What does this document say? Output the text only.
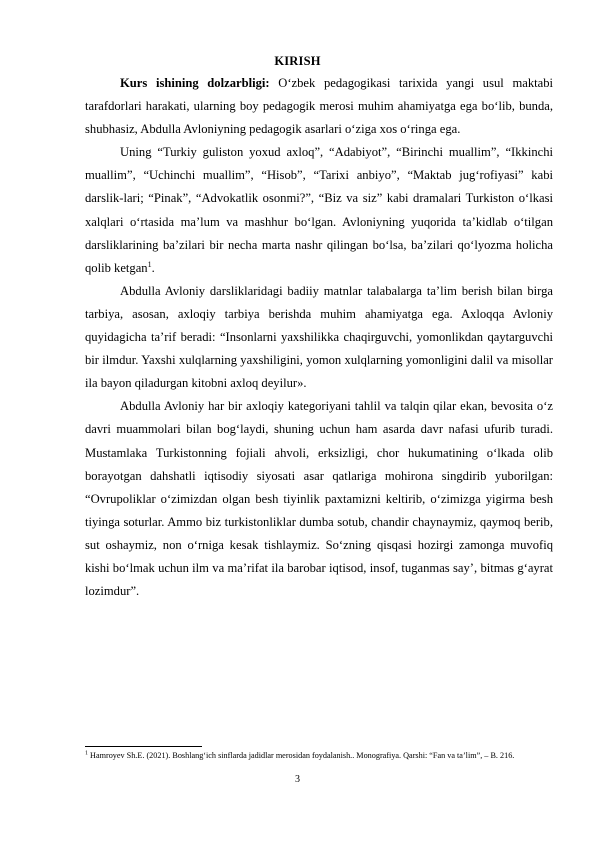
KIRISH

Kurs ishining dolzarbligi: O‘zbek pedagogikasi tarixida yangi usul maktabi tarafdorlari harakati, ularning boy pedagogik merosi muhim ahamiyatga ega bo‘lib, bunda, shubhasiz, Abdulla Avloniyning pedagogik asarlari o‘ziga xos o‘ringa ega.

Uning “Turkiy guliston yoxud axloq”, “Adabiyot”, “Birinchi muallim”, “Ikkinchi muallim”, “Uchinchi muallim”, “Hisob”, “Tarixi anbiyo”, “Maktab jug‘rofiyasi” kabi darslik-lari; “Pinak”, “Advokatlik osonmi?”, “Biz va siz” kabi dramalari Turkiston o‘lkasi xalqlari o‘rtasida ma’lum va mashhur bo‘lgan. Avloniyning yuqorida ta’kidlab o‘tilgan darsliklarining ba’zilari bir necha marta nashr qilingan bo‘lsa, ba’zilari qo‘lyozma holicha qolib ketgan$^1$.

Abdulla Avloniy darsliklaridagi badiiy matnlar talabalarga ta’lim berish bilan birga tarbiya, asosan, axloqiy tarbiya berishda muhim ahamiyatga ega. Axloqqa Avloniy quyidagicha ta’rif beradi: “Insonlarni yaxshilikka chaqirguvchi, yomonlikdan qaytarguvchi bir ilmdur. Yaxshi xulqlarning yaxshiligini, yomon xulqlarning yomonligini dalil va misollar ila bayon qiladurgan kitobni axloq deyilur».

Abdulla Avloniy har bir axloqiy kategoriyani tahlil va talqin qilar ekan, bevosita o‘z davri muammolari bilan bog‘laydi, shuning uchun ham asarda davr nafasi ufurib turadi. Mustamlaka Turkistonning fojiali ahvoli, erksizligi, chor hukumatining o‘lkada olib borayotgan dahshatli iqtisodiy siyosati asar qatlariga mohirona singdirib yuborilgan: “Ovrupoliklar o‘zimizdan olgan besh tiyinlik paxtamizni keltirib, o‘zimizga yigirma besh tiyinga soturlar. Ammo biz turkistonliklar dumba sotub, chandir chaynaymiz, qaymoq berib, sut oshaymiz, non o‘rniga kesak tishlaymiz. So‘zning qisqasi hozirgi zamonga muvofiq kishi bo‘lmak uchun ilm va ma’rifat ila barobar iqtisod, insof, tuganmas say’, bitmas g‘ayrat lozimdur”.

$^1$ Hamroyev Sh.E. (2021). Boshlang‘ich sinflarda jadidlar merosidan foydalanish.. Monografiya. Qarshi: “Fan va ta’lim”, – B. 216.
3
